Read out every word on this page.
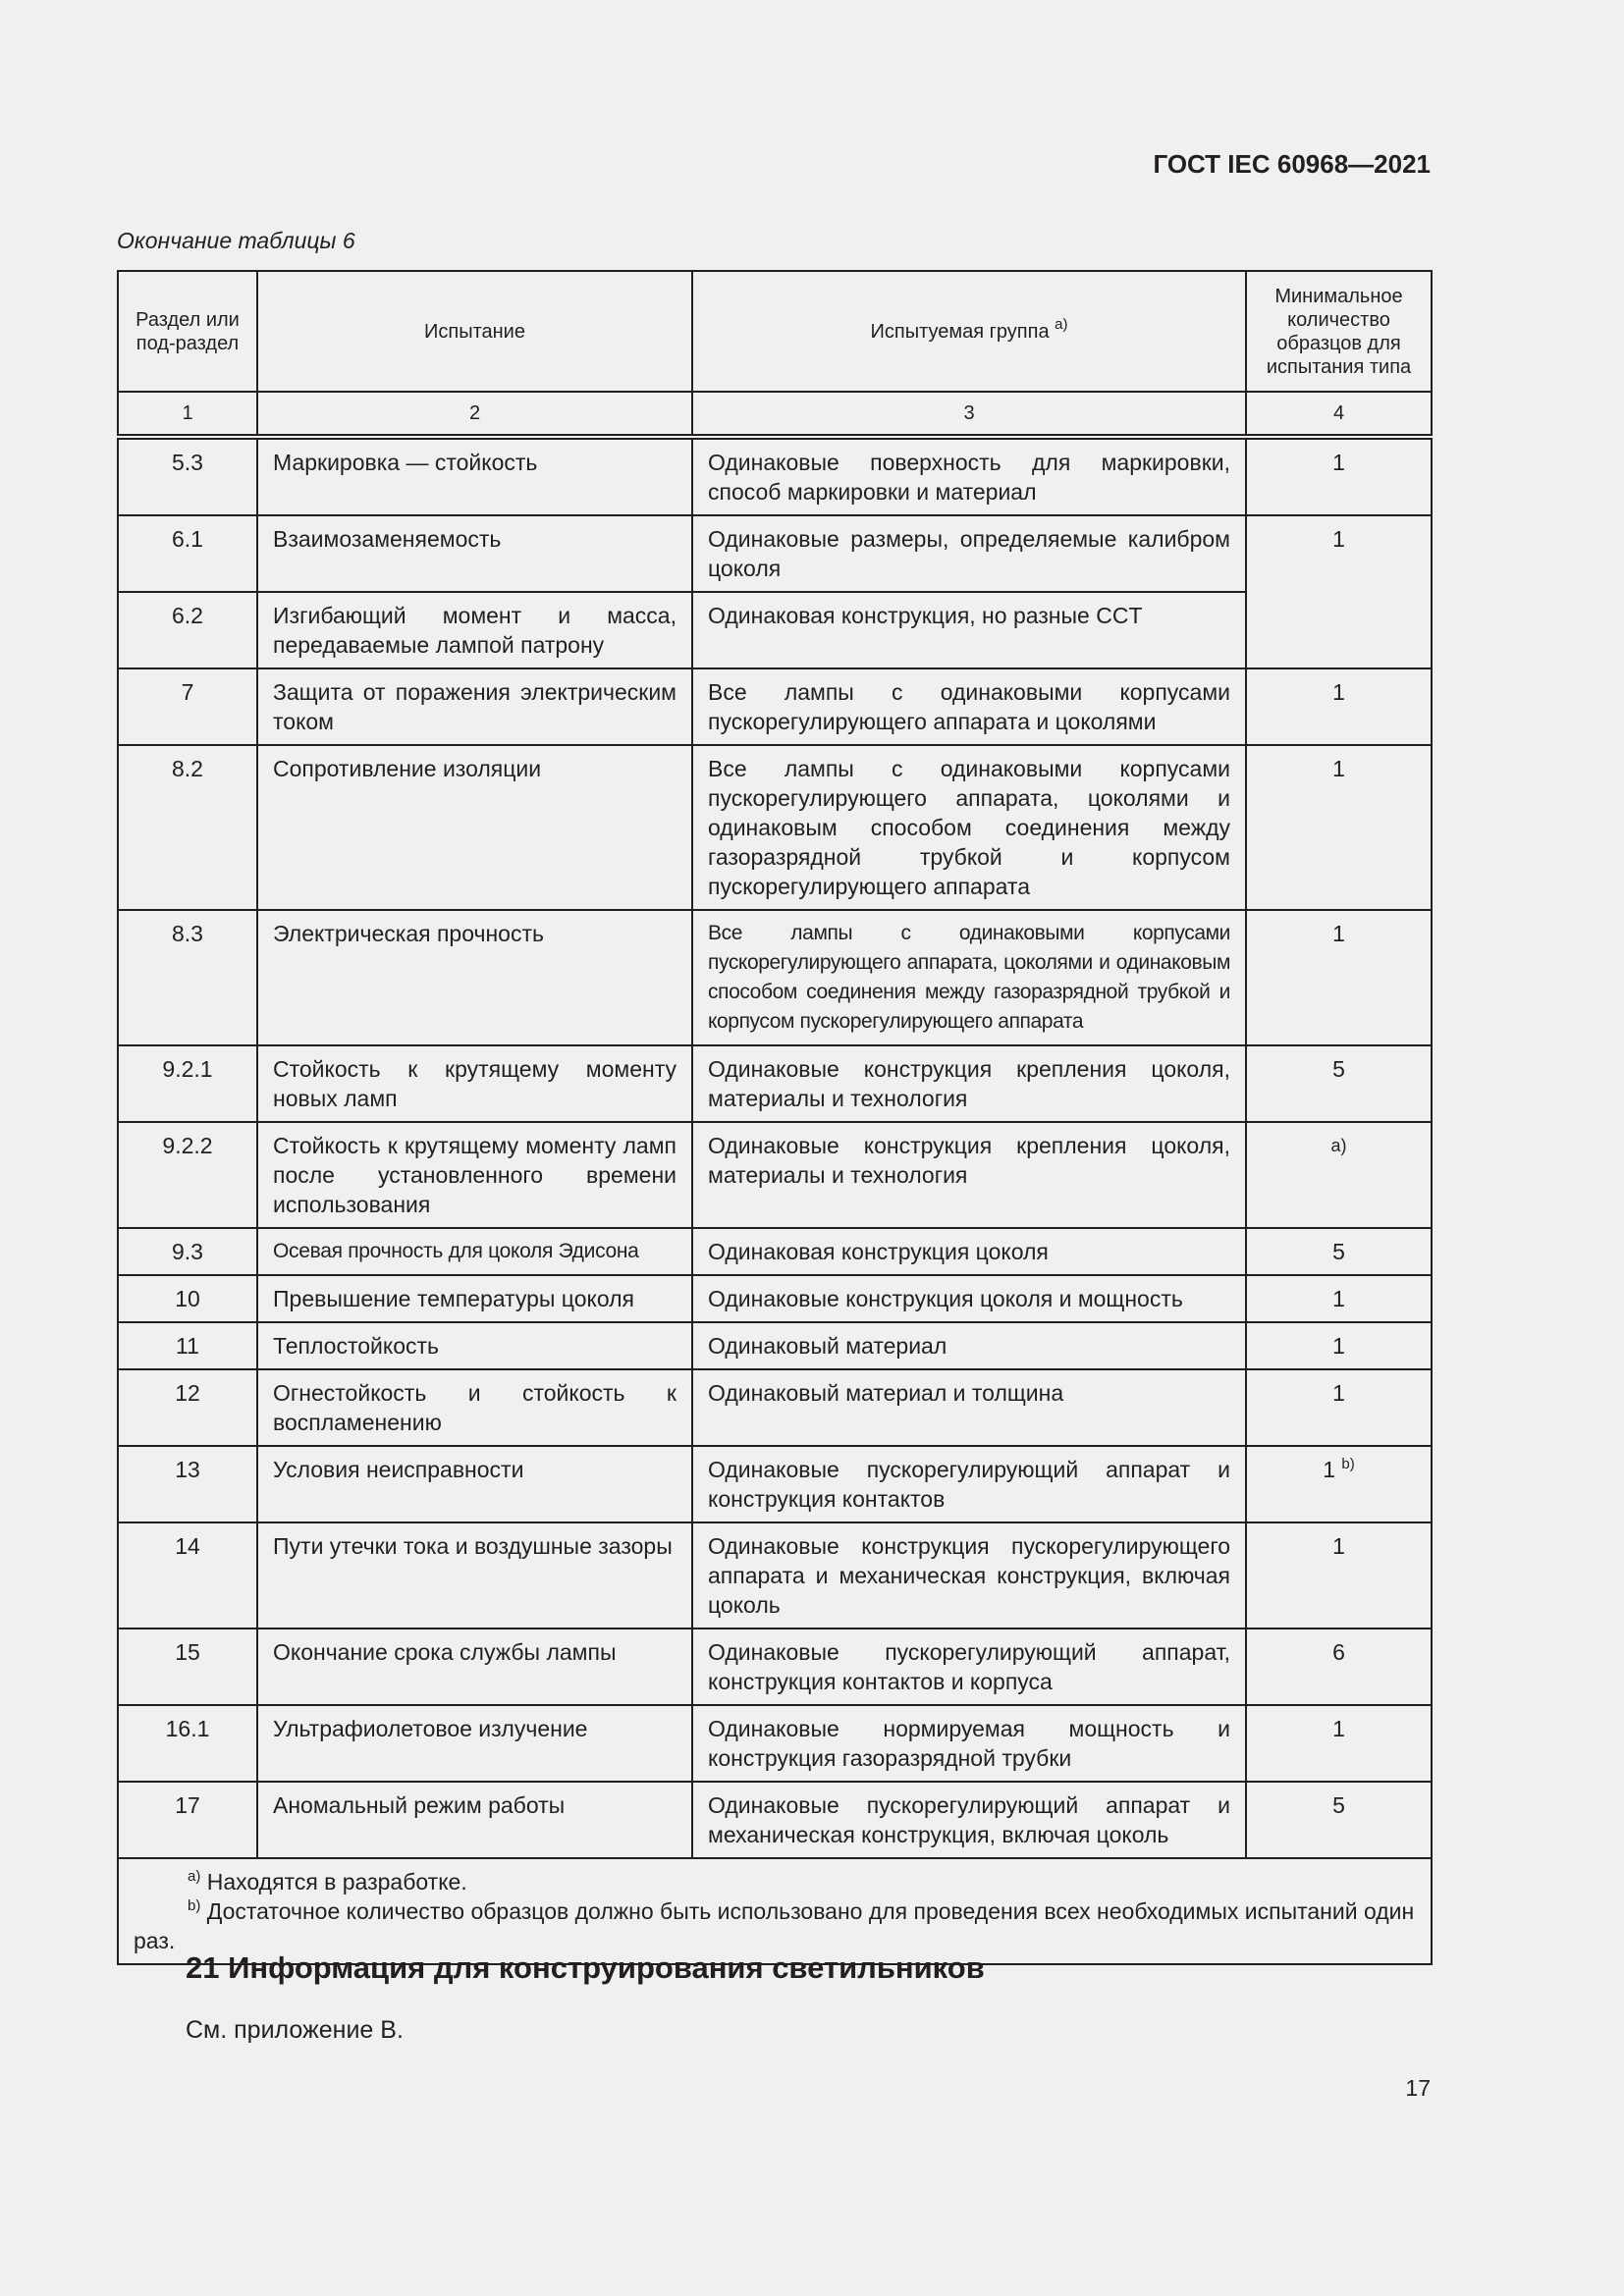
ГОСТ IEC 60968—2021
Окончание таблицы 6
Раздел или под-раздел	Испытание	Испытуемая группа $^{a)}$	Минимальное количество образцов для испытания типа
1	2	3	4
5.3	Маркировка — стойкость	Одинаковые поверхность для маркировки, способ маркировки и материал	1
6.1	Взаимозаменяемость	Одинаковые размеры, определяемые калибром цоколя	1
6.2	Изгибающий момент и масса, передаваемые лампой патрону	Одинаковая конструкция, но разные CCT	
7	Защита от поражения электрическим током	Все лампы с одинаковыми корпусами пускорегулирующего аппарата и цоколями	1
8.2	Сопротивление изоляции	Все лампы с одинаковыми корпусами пускорегулирующего аппарата, цоколями и одинаковым способом соединения между газоразрядной трубкой и корпусом пускорегулирующего аппарата	1
8.3	Электрическая прочность	Все лампы с одинаковыми корпусами пускорегулирующего аппарата, цоколями и одинаковым способом соединения между газоразрядной трубкой и корпусом пускорегулирующего аппарата	1
9.2.1	Стойкость к крутящему моменту новых ламп	Одинаковые конструкция крепления цоколя, материалы и технология	5
9.2.2	Стойкость к крутящему моменту ламп после установленного времени использования	Одинаковые конструкция крепления цоколя, материалы и технология	a)
9.3	Осевая прочность для цоколя Эдисона	Одинаковая конструкция цоколя	5
10	Превышение температуры цоколя	Одинаковые конструкция цоколя и мощность	1
11	Теплостойкость	Одинаковый материал	1
12	Огнестойкость и стойкость к воспламенению	Одинаковый материал и толщина	1
13	Условия неисправности	Одинаковые пускорегулирующий аппарат и конструкция контактов	1 $^{b)}$
14	Пути утечки тока и воздушные зазоры	Одинаковые конструкция пускорегулирующего аппарата и механическая конструкция, включая цоколь	1
15	Окончание срока службы лампы	Одинаковые пускорегулирующий аппарат, конструкция контактов и корпуса	6
16.1	Ультрафиолетовое излучение	Одинаковые нормируемая мощность и конструкция газоразрядной трубки	1
17	Аномальный режим работы	Одинаковые пускорегулирующий аппарат и механическая конструкция, включая цоколь	5

$^{a)}$ Находятся в разработке.
$^{b)}$ Достаточное количество образцов должно быть использовано для проведения всех необходимых испытаний один раз.			
21 Информация для конструирования светильников
См. приложение В.
17
